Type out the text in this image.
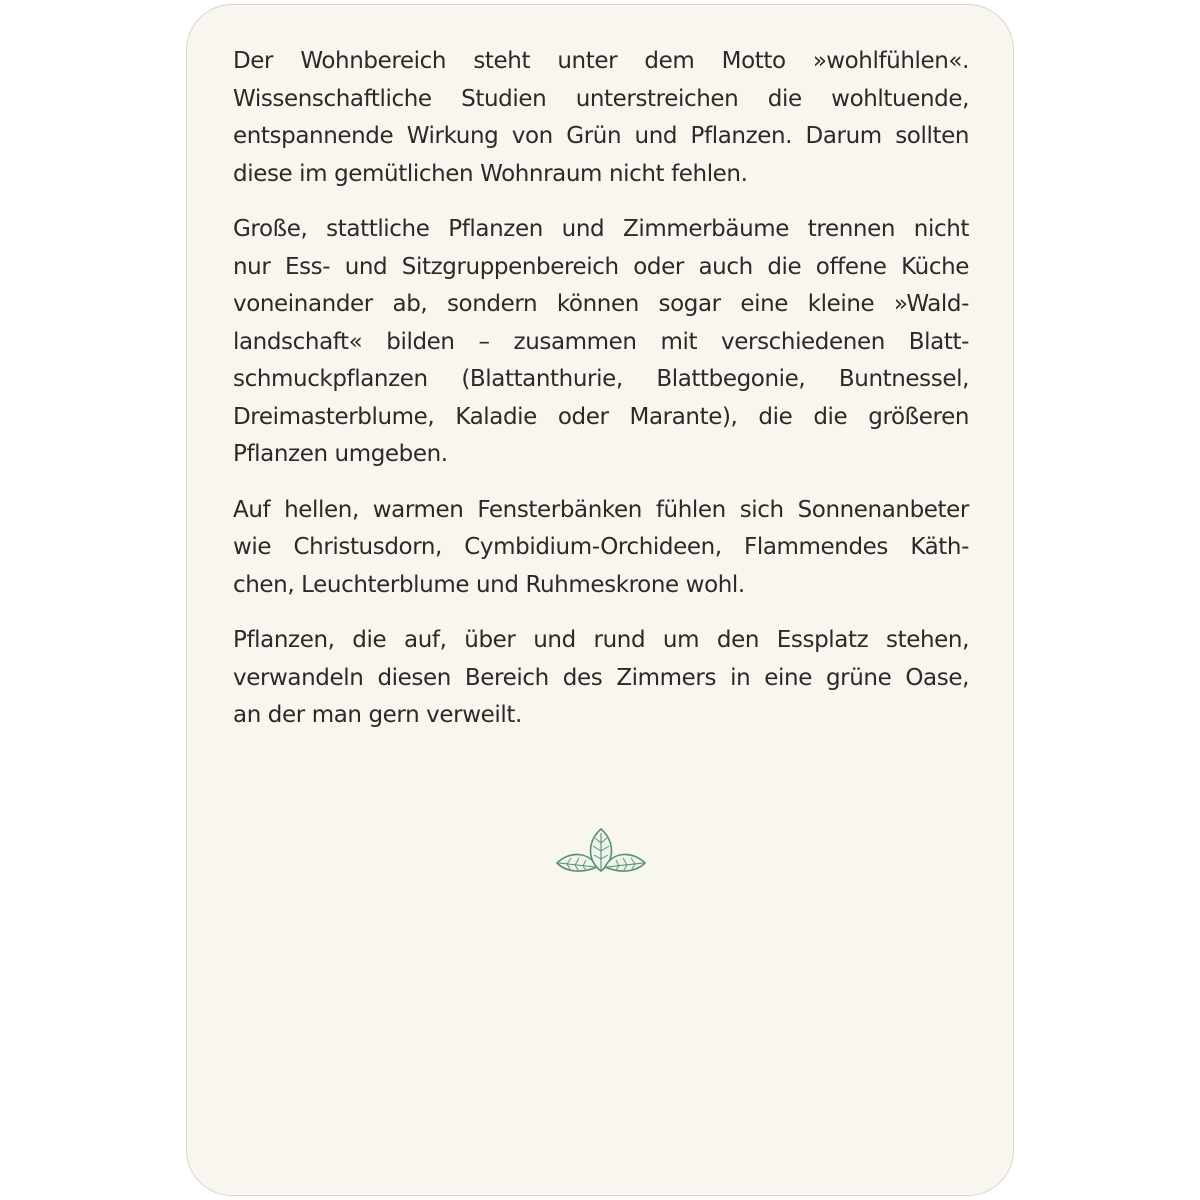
Der Wohnbereich steht unter dem Motto »wohlfühlen«.
Wissenschaftliche Studien unterstreichen die wohltuende,
entspannende Wirkung von Grün und Pflanzen. Darum sollten
diese im gemütlichen Wohnraum nicht fehlen.

Große, stattliche Pflanzen und Zimmerbäume trennen nicht
nur Ess- und Sitzgruppenbereich oder auch die offene Küche
voneinander ab, sondern können sogar eine kleine »Wald-
landschaft« bilden – zusammen mit verschiedenen Blatt-
schmuckpflanzen (Blattanthurie, Blattbegonie, Buntnessel,
Dreimasterblume, Kaladie oder Marante), die die größeren
Pflanzen umgeben.

Auf hellen, warmen Fensterbänken fühlen sich Sonnenanbeter
wie Christusdorn, Cymbidium-Orchideen, Flammendes Käth-
chen, Leuchterblume und Ruhmeskrone wohl.

Pflanzen, die auf, über und rund um den Essplatz stehen,
verwandeln diesen Bereich des Zimmers in eine grüne Oase,
an der man gern verweilt.
